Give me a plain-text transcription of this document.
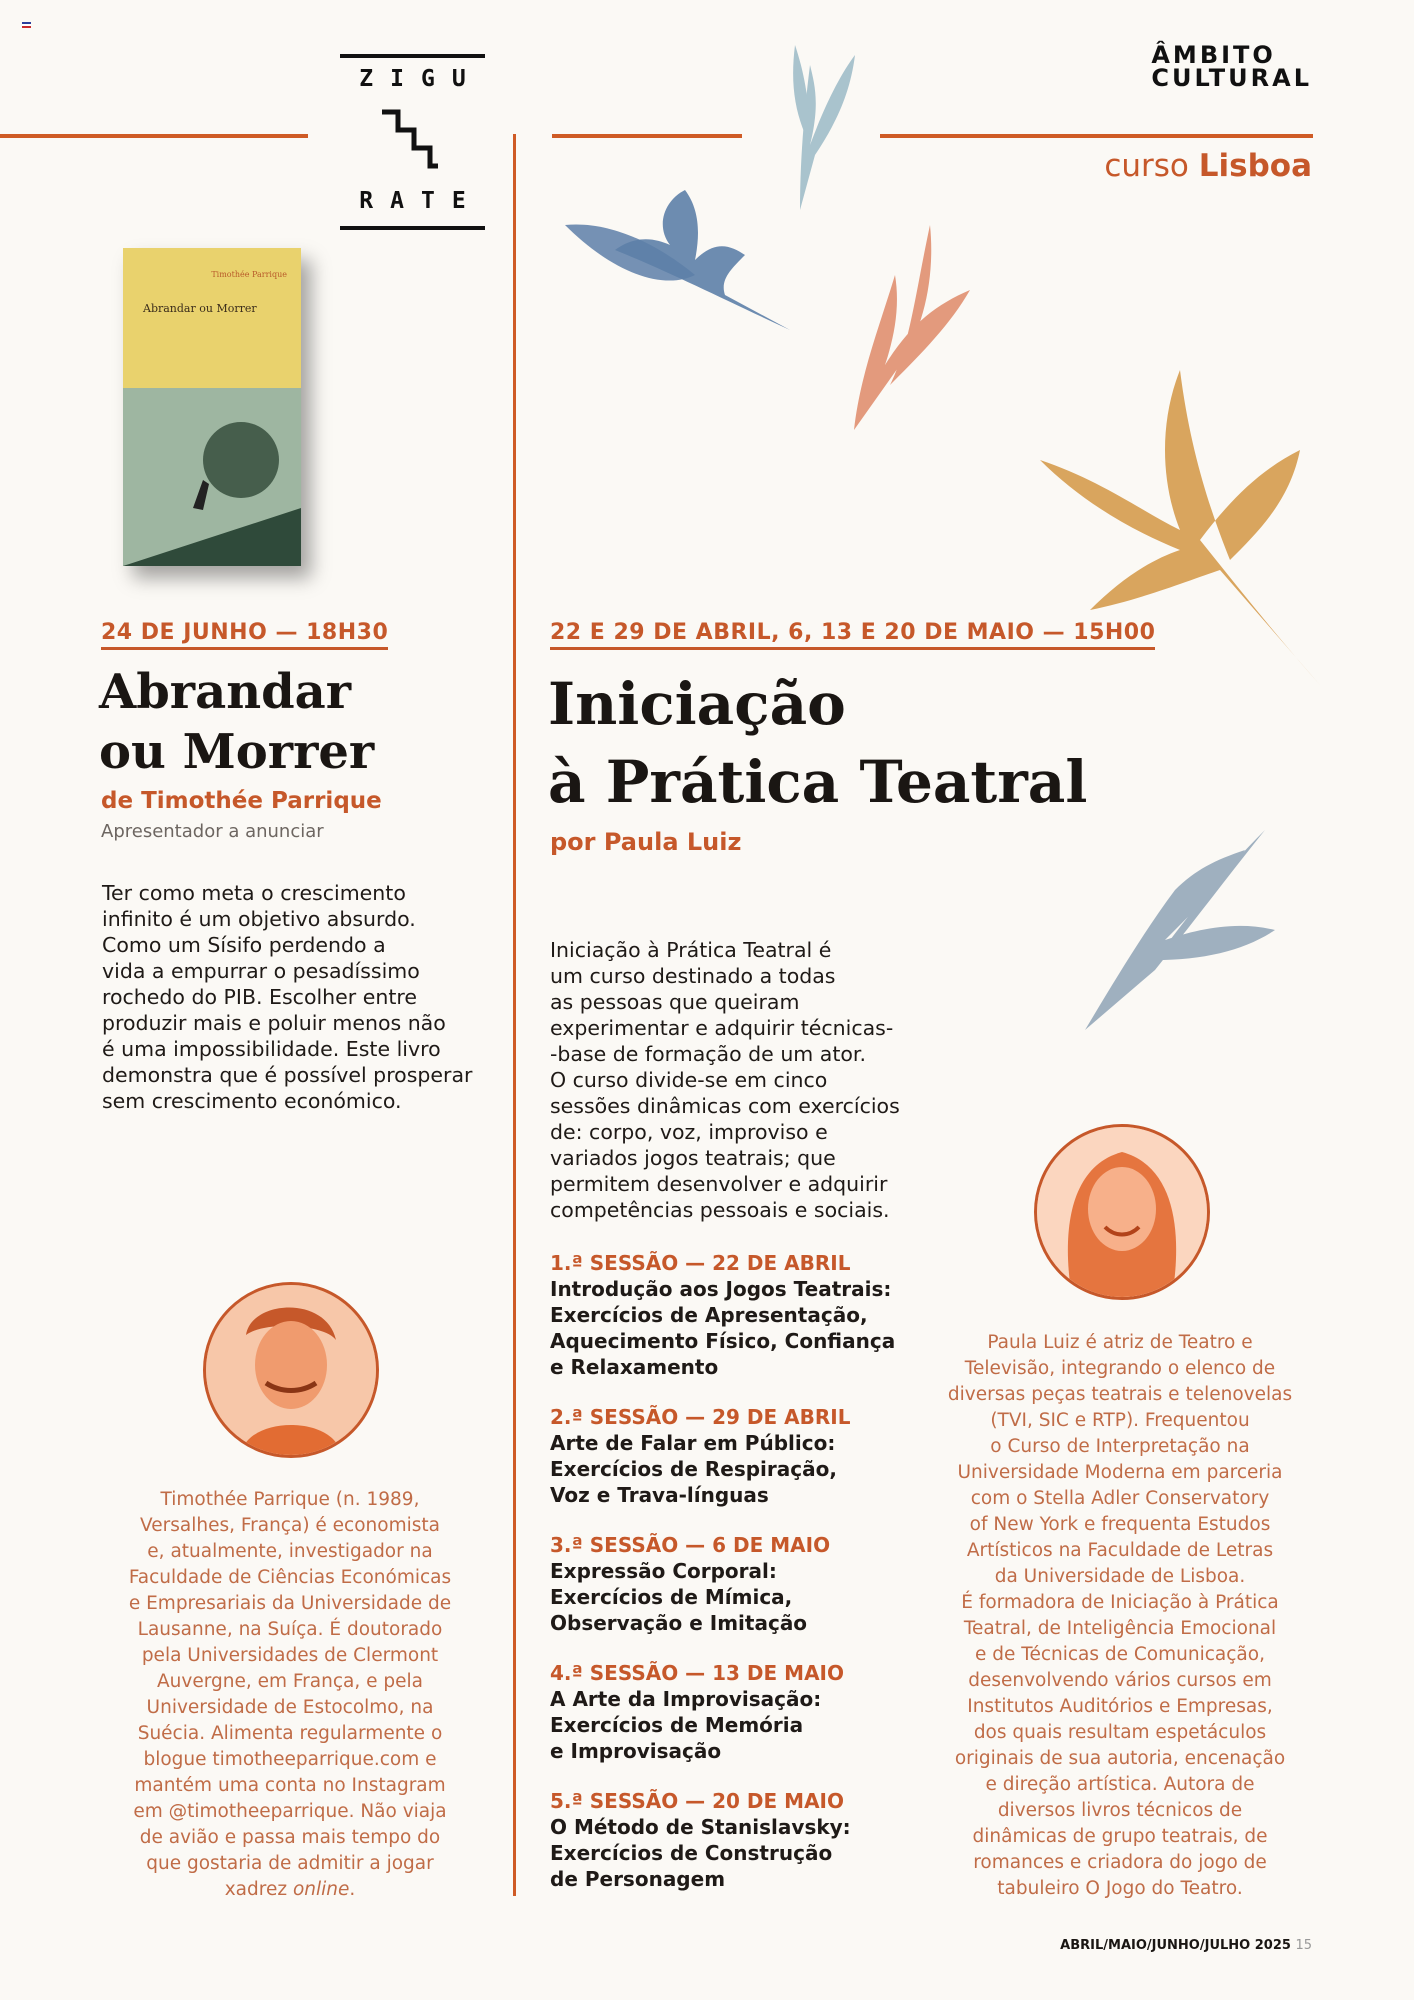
ZIGU
RATE
ÂMBITO
CULTURAL
curso Lisboa
Timothée Parrique
Abrandar ou Morrer
24 DE JUNHO — 18H30
Abrandar
ou Morrer
de Timothée Parrique
Apresentador a anunciar
Ter como meta o crescimento
infinito é um objetivo absurdo.
Como um Sísifo perdendo a
vida a empurrar o pesadíssimo
rochedo do PIB. Escolher entre
produzir mais e poluir menos não
é uma impossibilidade. Este livro
demonstra que é possível prosperar
sem crescimento económico.
Timothée Parrique (n. 1989,
Versalhes, França) é economista
e, atualmente, investigador na
Faculdade de Ciências Económicas
e Empresariais da Universidade de
Lausanne, na Suíça. É doutorado
pela Universidades de Clermont
Auvergne, em França, e pela
Universidade de Estocolmo, na
Suécia. Alimenta regularmente o
blogue timotheeparrique.com e
mantém uma conta no Instagram
em @timotheeparrique. Não viaja
de avião e passa mais tempo do
que gostaria de admitir a jogar
xadrez online.
22 E 29 DE ABRIL, 6, 13 E 20 DE MAIO — 15H00
Iniciação
à Prática Teatral
por Paula Luiz
Iniciação à Prática Teatral é
um curso destinado a todas
as pessoas que queiram
experimentar e adquirir técnicas-
-base de formação de um ator.
O curso divide-se em cinco
sessões dinâmicas com exercícios
de: corpo, voz, improviso e
variados jogos teatrais; que
permitem desenvolver e adquirir
competências pessoais e sociais.
1.ª SESSÃO — 22 DE ABRIL
Introdução aos Jogos Teatrais:
Exercícios de Apresentação,
Aquecimento Físico, Confiança
e Relaxamento
2.ª SESSÃO — 29 DE ABRIL
Arte de Falar em Público:
Exercícios de Respiração,
Voz e Trava-línguas
3.ª SESSÃO — 6 DE MAIO
Expressão Corporal:
Exercícios de Mímica,
Observação e Imitação
4.ª SESSÃO — 13 DE MAIO
A Arte da Improvisação:
Exercícios de Memória
e Improvisação
5.ª SESSÃO — 20 DE MAIO
O Método de Stanislavsky:
Exercícios de Construção
de Personagem
Paula Luiz é atriz de Teatro e
Televisão, integrando o elenco de
diversas peças teatrais e telenovelas
(TVI, SIC e RTP). Frequentou
o Curso de Interpretação na
Universidade Moderna em parceria
com o Stella Adler Conservatory
of New York e frequenta Estudos
Artísticos na Faculdade de Letras
da Universidade de Lisboa.
É formadora de Iniciação à Prática
Teatral, de Inteligência Emocional
e de Técnicas de Comunicação,
desenvolvendo vários cursos em
Institutos Auditórios e Empresas,
dos quais resultam espetáculos
originais de sua autoria, encenação
e direção artística. Autora de
diversos livros técnicos de
dinâmicas de grupo teatrais, de
romances e criadora do jogo de
tabuleiro O Jogo do Teatro.
ABRIL/MAIO/JUNHO/JULHO 2025 15
